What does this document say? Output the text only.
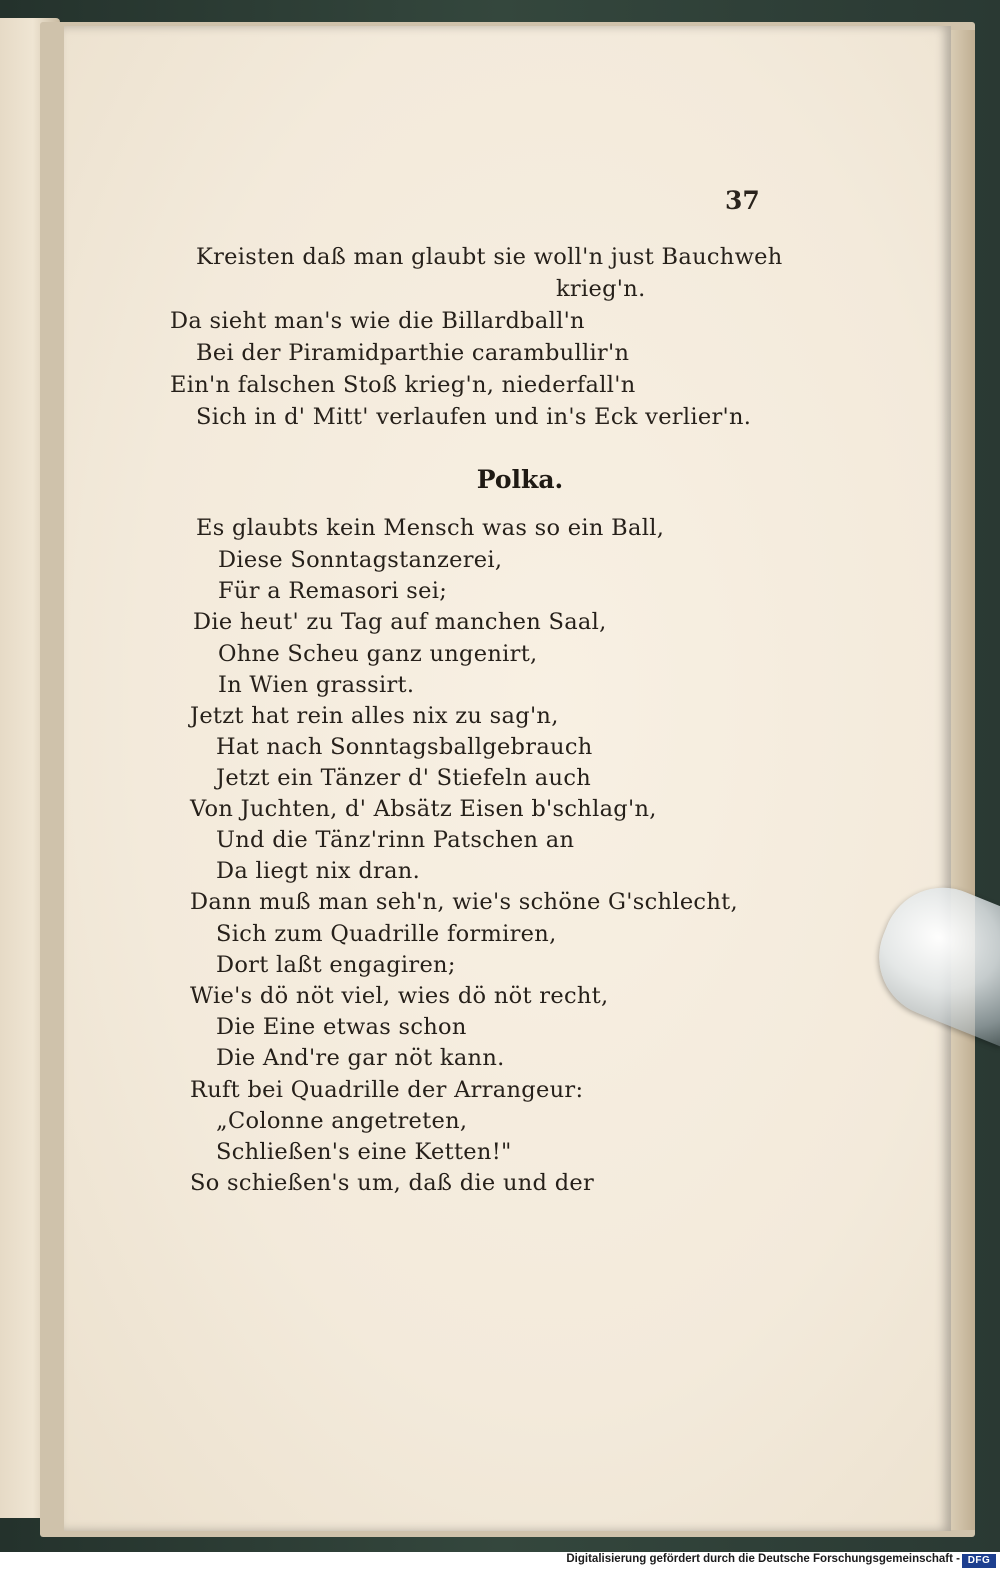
37
Kreisten daß man glaubt sie woll'n just Bauchweh
krieg'n.
Da sieht man's wie die Billardball'n
Bei der Piramidparthie carambullir'n
Ein'n falschen Stoß krieg'n, niederfall'n
Sich in d' Mitt' verlaufen und in's Eck verlier'n.
Polka.
Es glaubts kein Mensch was so ein Ball,
Diese Sonntagstanzerei,
Für a Remasori sei;
Die heut' zu Tag auf manchen Saal,
Ohne Scheu ganz ungenirt,
In Wien grassirt.
Jetzt hat rein alles nix zu sag'n,
Hat nach Sonntagsballgebrauch
Jetzt ein Tänzer d' Stiefeln auch
Von Juchten, d' Absätz Eisen b'schlag'n,
Und die Tänz'rinn Patschen an
Da liegt nix dran.
Dann muß man seh'n, wie's schöne G'schlecht,
Sich zum Quadrille formiren,
Dort laßt engagiren;
Wie's dö nöt viel, wies dö nöt recht,
Die Eine etwas schon
Die And're gar nöt kann.
Ruft bei Quadrille der Arrangeur:
„Colonne angetreten,
Schließen's eine Ketten!"
So schießen's um, daß die und der
Digitalisierung gefördert durch die Deutsche Forschungsgemeinschaft - DFG
